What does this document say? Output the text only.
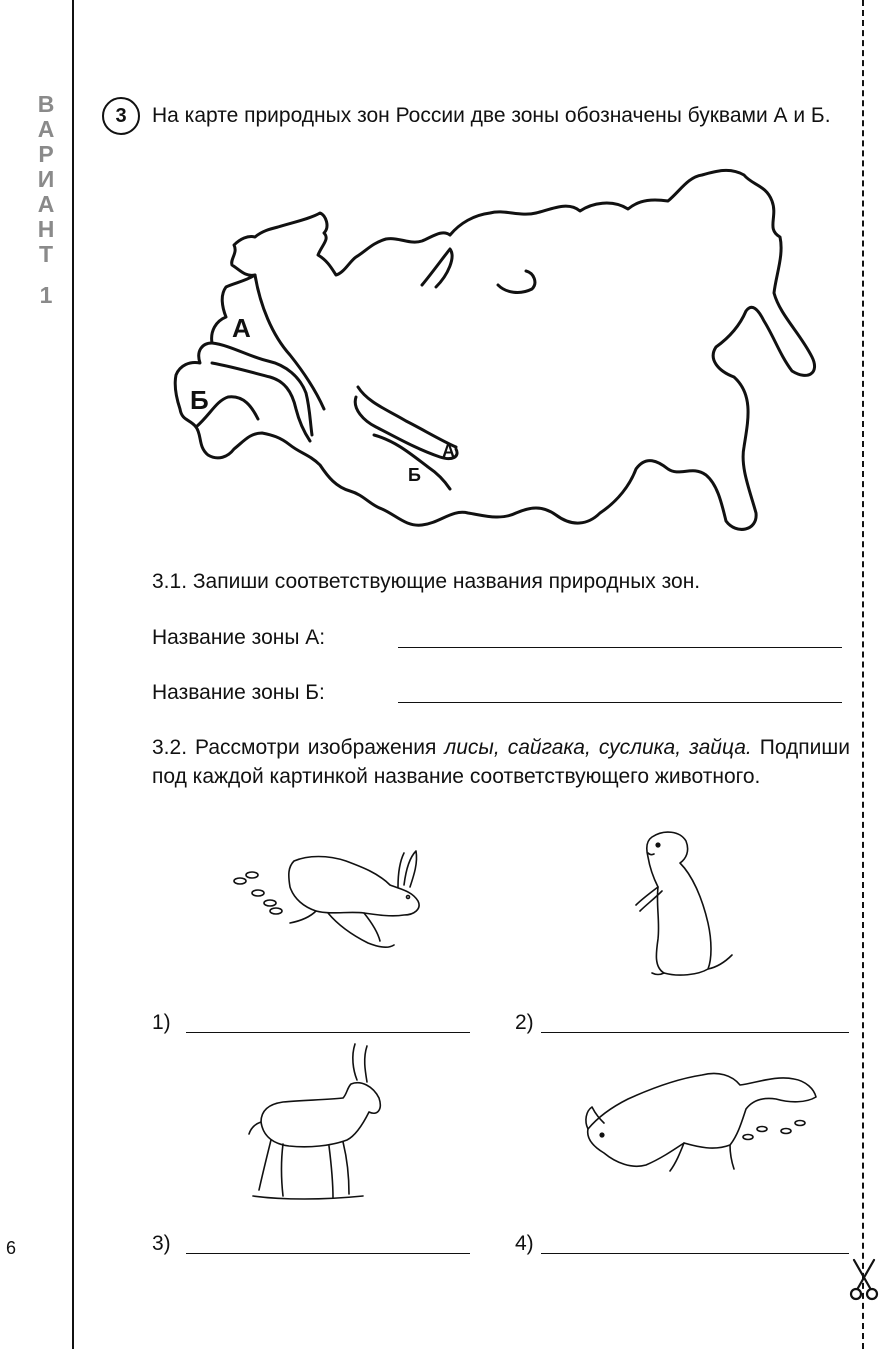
В
А
Р
И
А
Н
Т
1
6
3	На карте природных зон России две зоны обозначены буквами А и Б.
А
Б
А
Б
3.1. Запиши соответствующие названия природных зон.
Название зоны А:
Название зоны Б:
3.2. Рассмотри изображения лисы, сайгака, суслика, зайца. Подпиши под каждой картинкой название соответствующего животного.
1)	2)
3)	4)
